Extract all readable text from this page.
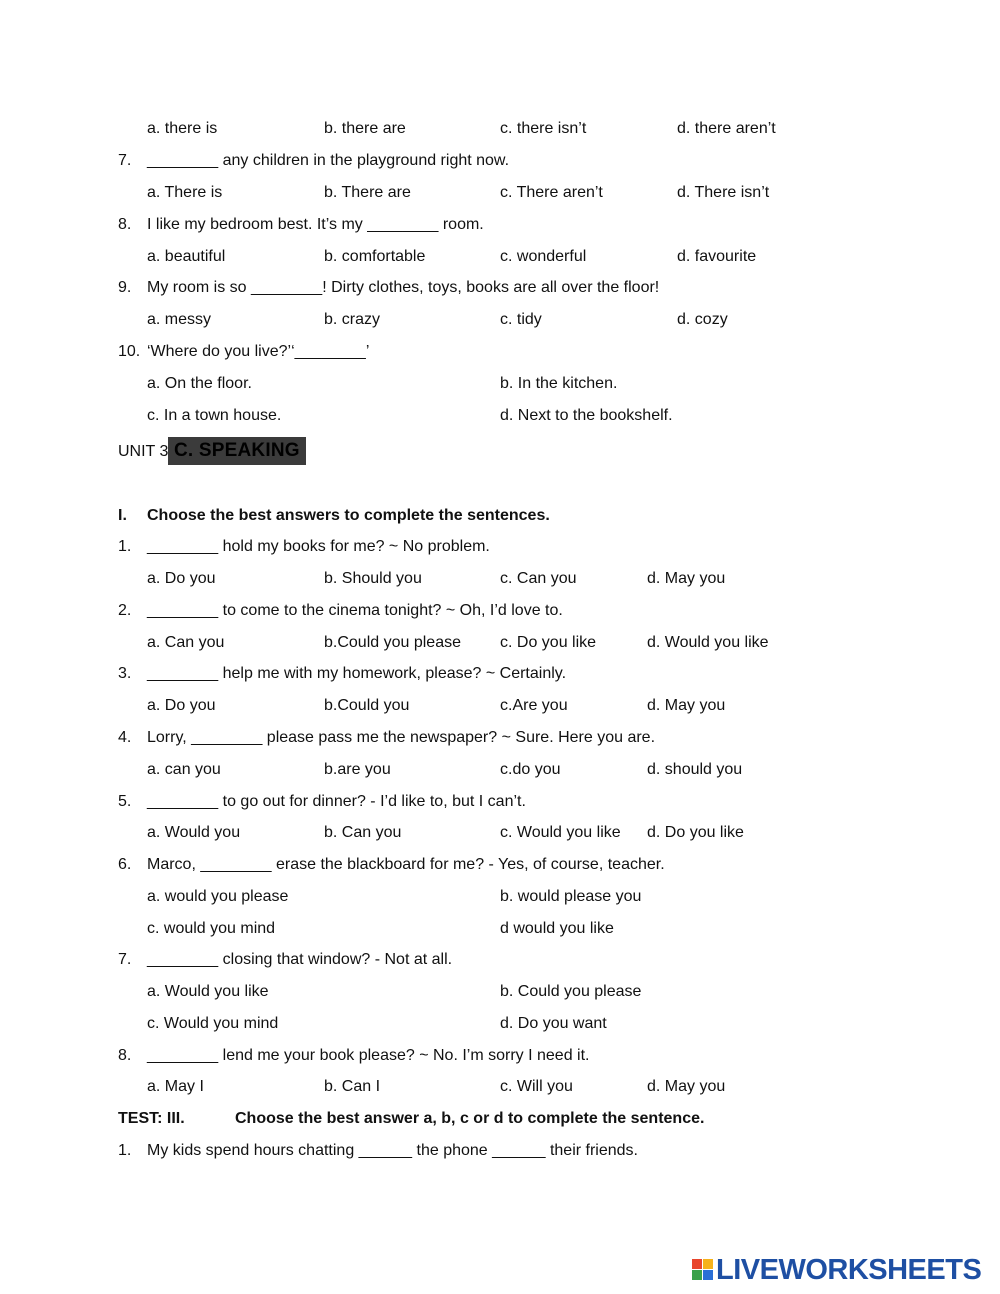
a. there is	b. there are	c. there isn’t	d. there aren’t
7. ________ any children in the playground right now.
a. There is	b. There are	c. There aren’t	d. There isn’t
8. I like my bedroom best. It’s my ________ room.
a. beautiful	b. comfortable	c. wonderful	d. favourite
9. My room is so ________! Dirty clothes, toys, books are all over the floor!
a. messy	b. crazy	c. tidy	d. cozy
10. ‘Where do you live?’‘________’
a. On the floor.	b. In the kitchen.
c. In a town house.	d. Next to the bookshelf.
UNIT 3 C. SPEAKING
I. Choose the best answers to complete the sentences.
1. ________ hold my books for me? ~ No problem.
a. Do you	b. Should you	c. Can you	d. May you
2. ________ to come to the cinema tonight? ~ Oh, I’d love to.
a. Can you	b.Could you please c. Do you like	d. Would you like
3. ________ help me with my homework, please? ~ Certainly.
a. Do you	b.Could you	c.Are you	d. May you
4. Lorry, ________ please pass me the newspaper? ~ Sure. Here you are.
a. can you	b.are you	c.do you	d. should you
5. ________ to go out for dinner? - I’d like to, but I can’t.
a. Would you	b. Can you	c. Would you like d. Do you like
6. Marco, ________ erase the blackboard for me? - Yes, of course, teacher.
a. would you please	b. would please you
c. would you mind	d would you like
7. ________ closing that window? - Not at all.
a. Would you like	b. Could you please
c. Would you mind	d. Do you want
8. ________ lend me your book please? ~ No. I’m sorry I need it.
a. May I	b. Can I	c. Will you	d. May you
TEST: III.	Choose the best answer a, b, c or d to complete the sentence.
1. My kids spend hours chatting ______ the phone ______ their friends.
LIVEWORKSHEETS
